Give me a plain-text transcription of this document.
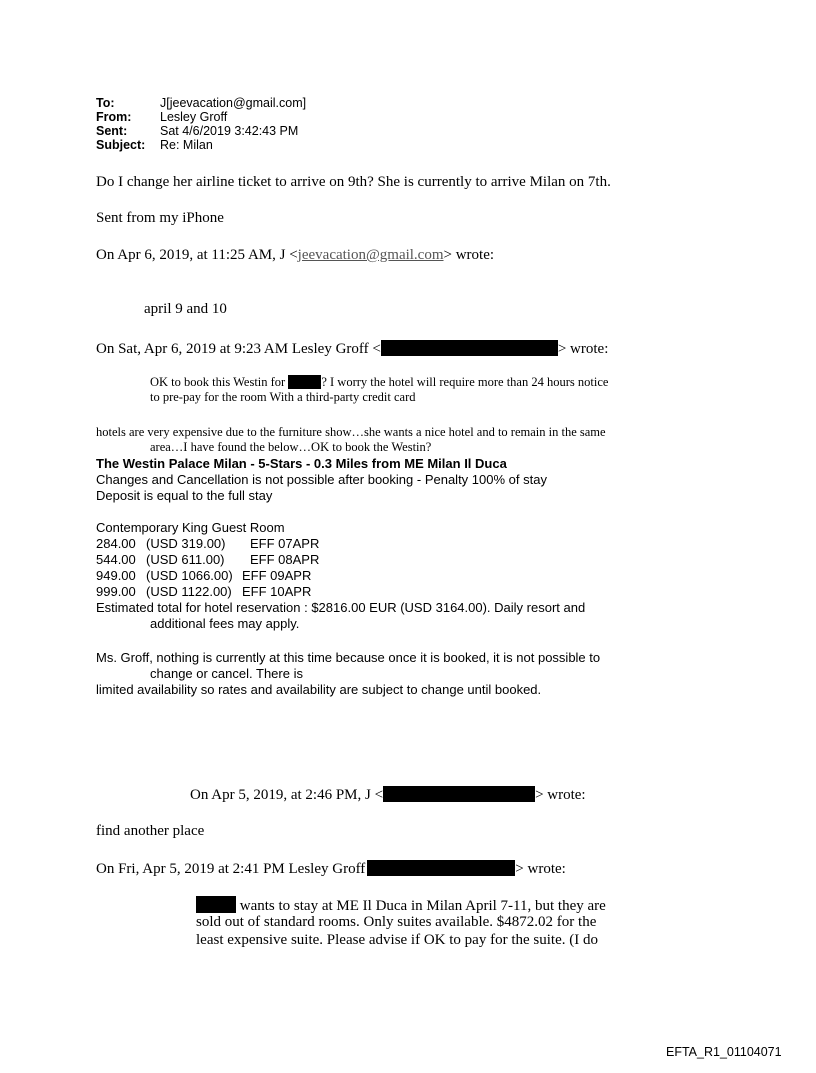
To:	J[jeevacation@gmail.com]
From: Lesley Groff
Sent:	Sat 4/6/2019 3:42:43 PM
Subject: Re: Milan
Do I change her airline ticket to arrive on 9th? She is currently to arrive Milan on 7th.
Sent from my iPhone
On Apr 6, 2019, at 11:25 AM, J <jeevacation@gmail.com> wrote:
april 9 and 10
On Sat, Apr 6, 2019 at 9:23 AM Lesley Groff <	> wrote:
OK to book this Westin for	? I worry the hotel will require more than 24 hours notice
to pre-pay for the room With a third-party credit card
hotels are very expensive due to the furniture show…she wants a nice hotel and to remain in the same
area…I have found the below…OK to book the Westin?
The Westin Palace Milan - 5-Stars - 0.3 Miles from ME Milan Il Duca
Changes and Cancellation is not possible after booking - Penalty 100% of stay
Deposit is equal to the full stay
Contemporary King Guest Room
284.00 (USD 319.00) EFF 07APR
544.00 (USD 611.00) EFF 08APR
949.00 (USD 1066.00) EFF 09APR
999.00 (USD 1122.00) EFF 10APR
Estimated total for hotel reservation : $2816.00 EUR (USD 3164.00). Daily resort and
additional fees may apply.
Ms. Groff, nothing is currently at this time because once it is booked, it is not possible to
change or cancel. There is
limited availability so rates and availability are subject to change until booked.
On Apr 5, 2019, at 2:46 PM, J <	> wrote:
find another place
On Fri, Apr 5, 2019 at 2:41 PM Lesley Groff	> wrote:
wants to stay at ME Il Duca in Milan April 7-11, but they are
sold out of standard rooms. Only suites available. $4872.02 for the
least expensive suite. Please advise if OK to pay for the suite. (I do
EFTA_R1_01104071
